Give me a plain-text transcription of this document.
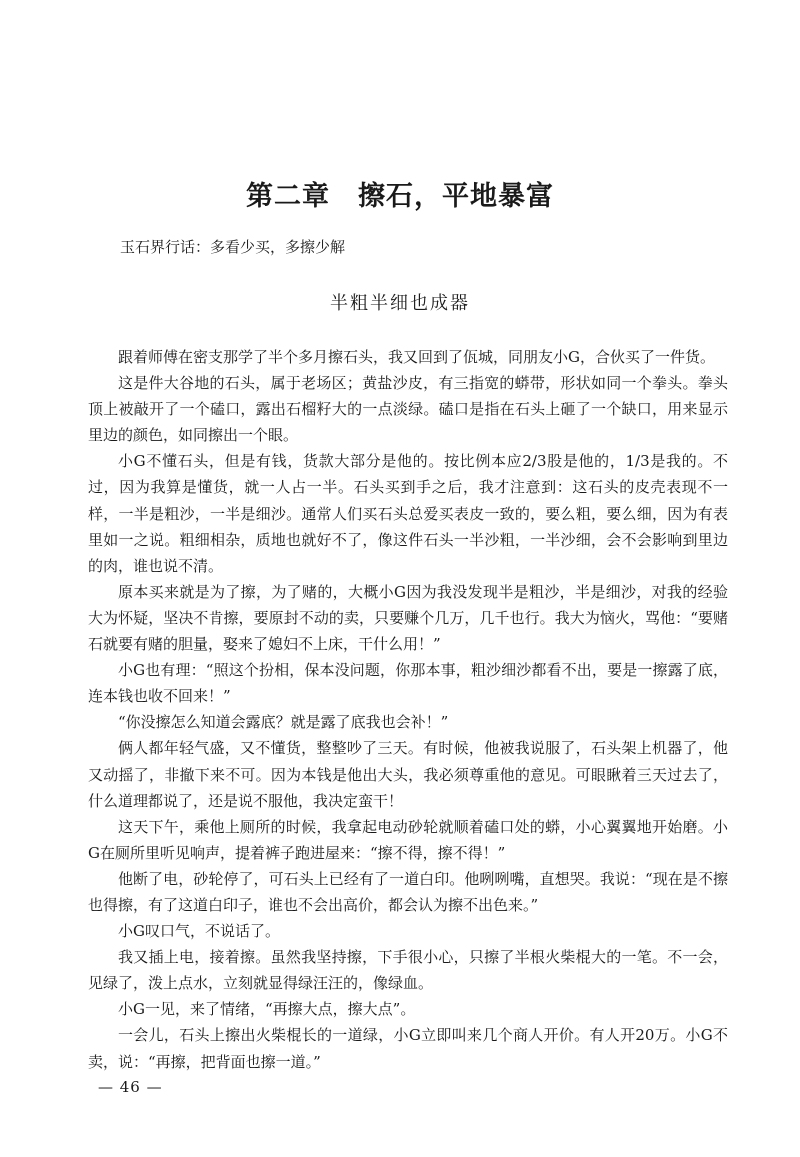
第二章　擦石，平地暴富
玉石界行话：多看少买，多擦少解
半粗半细也成器

跟着师傅在密支那学了半个多月擦石头，我又回到了佤城，同朋友小G，合伙买了一件货。

这是件大谷地的石头，属于老场区；黄盐沙皮，有三指宽的蟒带，形状如同一个拳头。拳头顶上被敲开了一个磕口，露出石榴籽大的一点淡绿。磕口是指在石头上砸了一个缺口，用来显示里边的颜色，如同擦出一个眼。

小G不懂石头，但是有钱，货款大部分是他的。按比例本应2/3股是他的，1/3是我的。不过，因为我算是懂货，就一人占一半。石头买到手之后，我才注意到：这石头的皮壳表现不一样，一半是粗沙，一半是细沙。通常人们买石头总爱买表皮一致的，要么粗，要么细，因为有表里如一之说。粗细相杂，质地也就好不了，像这件石头一半沙粗，一半沙细，会不会影响到里边的肉，谁也说不清。

原本买来就是为了擦，为了赌的，大概小G因为我没发现半是粗沙，半是细沙，对我的经验大为怀疑，坚决不肯擦，要原封不动的卖，只要赚个几万，几千也行。我大为恼火，骂他：“要赌石就要有赌的胆量，娶来了媳妇不上床，干什么用！”

小G也有理：“照这个扮相，保本没问题，你那本事，粗沙细沙都看不出，要是一擦露了底，连本钱也收不回来！”

“你没擦怎么知道会露底？就是露了底我也会补！”

俩人都年轻气盛，又不懂货，整整吵了三天。有时候，他被我说服了，石头架上机器了，他又动摇了，非撤下来不可。因为本钱是他出大头，我必须尊重他的意见。可眼瞅着三天过去了，什么道理都说了，还是说不服他，我决定蛮干！

这天下午，乘他上厕所的时候，我拿起电动砂轮就顺着磕口处的蟒，小心翼翼地开始磨。小G在厕所里听见响声，提着裤子跑进屋来：“擦不得，擦不得！”

他断了电，砂轮停了，可石头上已经有了一道白印。他咧咧嘴，直想哭。我说：“现在是不擦也得擦，有了这道白印子，谁也不会出高价，都会认为擦不出色来。”

小G叹口气，不说话了。

我又插上电，接着擦。虽然我坚持擦，下手很小心，只擦了半根火柴棍大的一笔。不一会，见绿了，泼上点水，立刻就显得绿汪汪的，像绿血。

小G一见，来了情绪，“再擦大点，擦大点”。

一会儿，石头上擦出火柴棍长的一道绿，小G立即叫来几个商人开价。有人开20万。小G不卖，说：“再擦，把背面也擦一道。”

— 46 —
